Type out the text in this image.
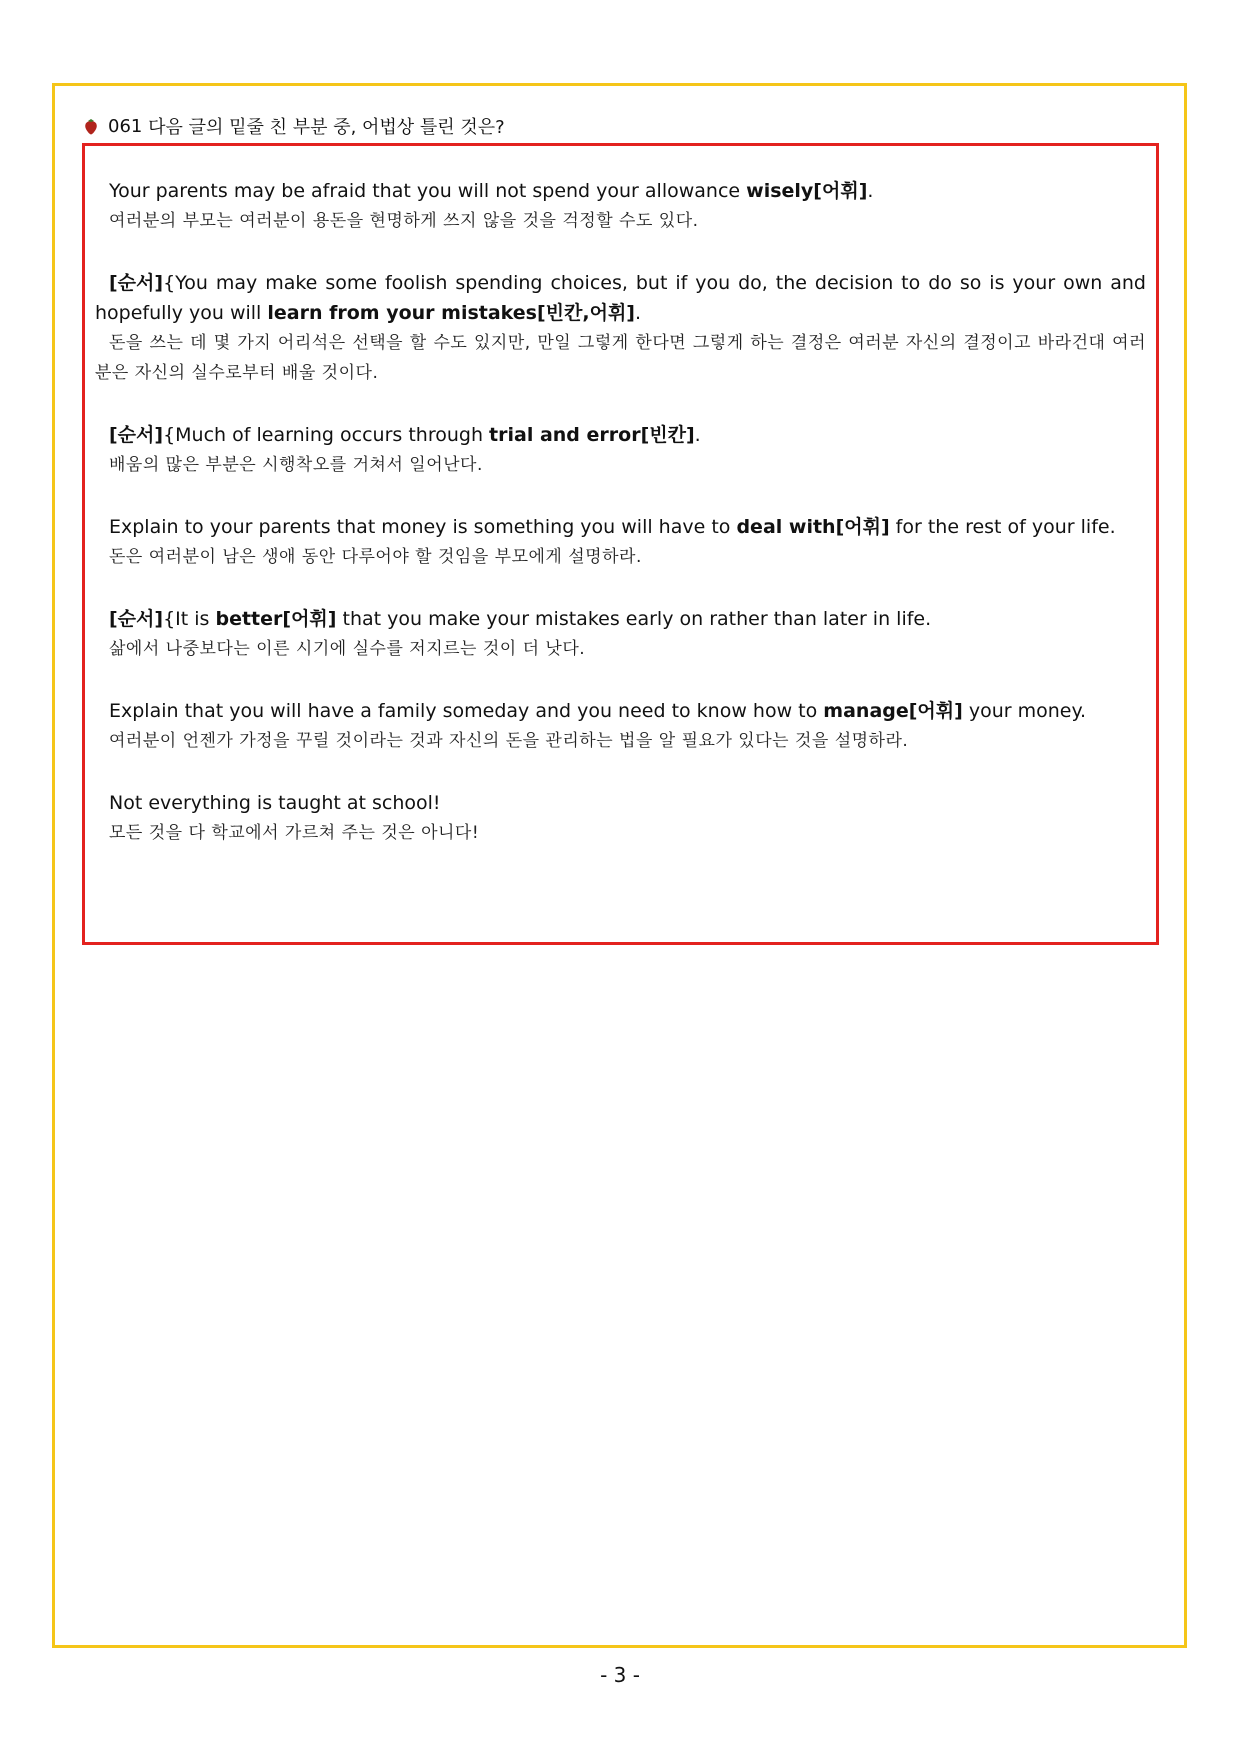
061
다음 글의 밑줄 친 부분 중, 어법상 틀린 것은?

Your parents may be afraid that you will not spend your allowance wisely[어휘].

여러분의 부모는 여러분이 용돈을 현명하게 쓰지 않을 것을 걱정할 수도 있다.

[순서]{You may make some foolish spending choices, but if you do, the decision to do so is your own and hopefully you will learn from your mistakes[빈칸,어휘].

돈을 쓰는 데 몇 가지 어리석은 선택을 할 수도 있지만, 만일 그렇게 한다면 그렇게 하는 결정은 여러분 자신의 결정이고 바라건대 여러분은 자신의 실수로부터 배울 것이다.

[순서]{Much of learning occurs through trial and error[빈칸].

배움의 많은 부분은 시행착오를 거쳐서 일어난다.

Explain to your parents that money is something you will have to deal with[어휘] for the rest of your life.

돈은 여러분이 남은 생애 동안 다루어야 할 것임을 부모에게 설명하라.

[순서]{It is better[어휘] that you make your mistakes early on rather than later in life.

삶에서 나중보다는 이른 시기에 실수를 저지르는 것이 더 낫다.

Explain that you will have a family someday and you need to know how to manage[어휘] your money.

여러분이 언젠가 가정을 꾸릴 것이라는 것과 자신의 돈을 관리하는 법을 알 필요가 있다는 것을 설명하라.

Not everything is taught at school!

모든 것을 다 학교에서 가르쳐 주는 것은 아니다!

- 3 -
